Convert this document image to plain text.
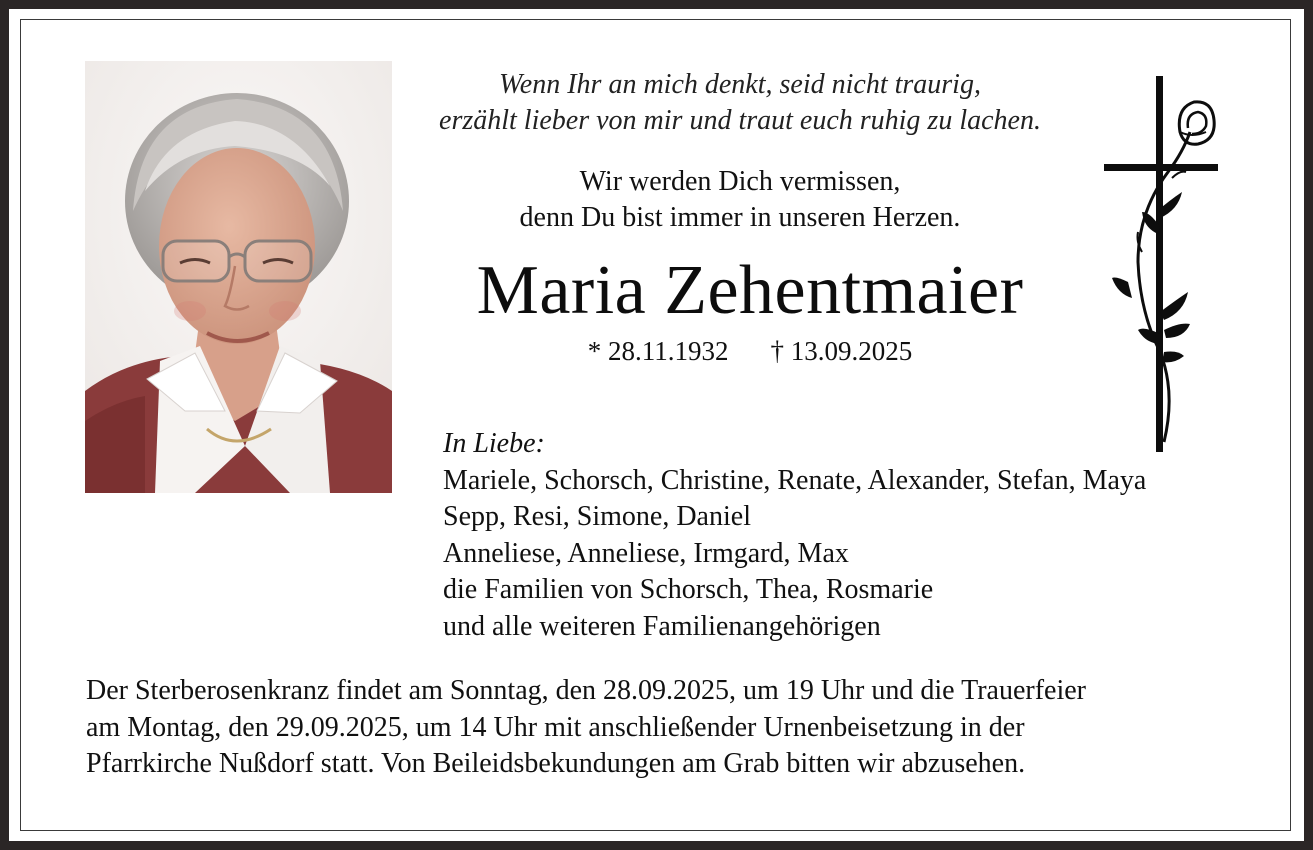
Wenn Ihr an mich denkt, seid nicht traurig,
erzählt lieber von mir und traut euch ruhig zu lachen.
Wir werden Dich vermissen,
denn Du bist immer in unseren Herzen.
Maria Zehentmaier
* 28.11.1932 † 13.09.2025
In Liebe:
Mariele, Schorsch, Christine, Renate, Alexander, Stefan, Maya
Sepp, Resi, Simone, Daniel
Anneliese, Anneliese, Irmgard, Max
die Familien von Schorsch, Thea, Rosmarie
und alle weiteren Familienangehörigen
Der Sterberosenkranz findet am Sonntag, den 28.09.2025, um 19 Uhr und die Trauerfeier
am Montag, den 29.09.2025, um 14 Uhr mit anschließender Urnenbeisetzung in der
Pfarrkirche Nußdorf statt. Von Beileidsbekundungen am Grab bitten wir abzusehen.
